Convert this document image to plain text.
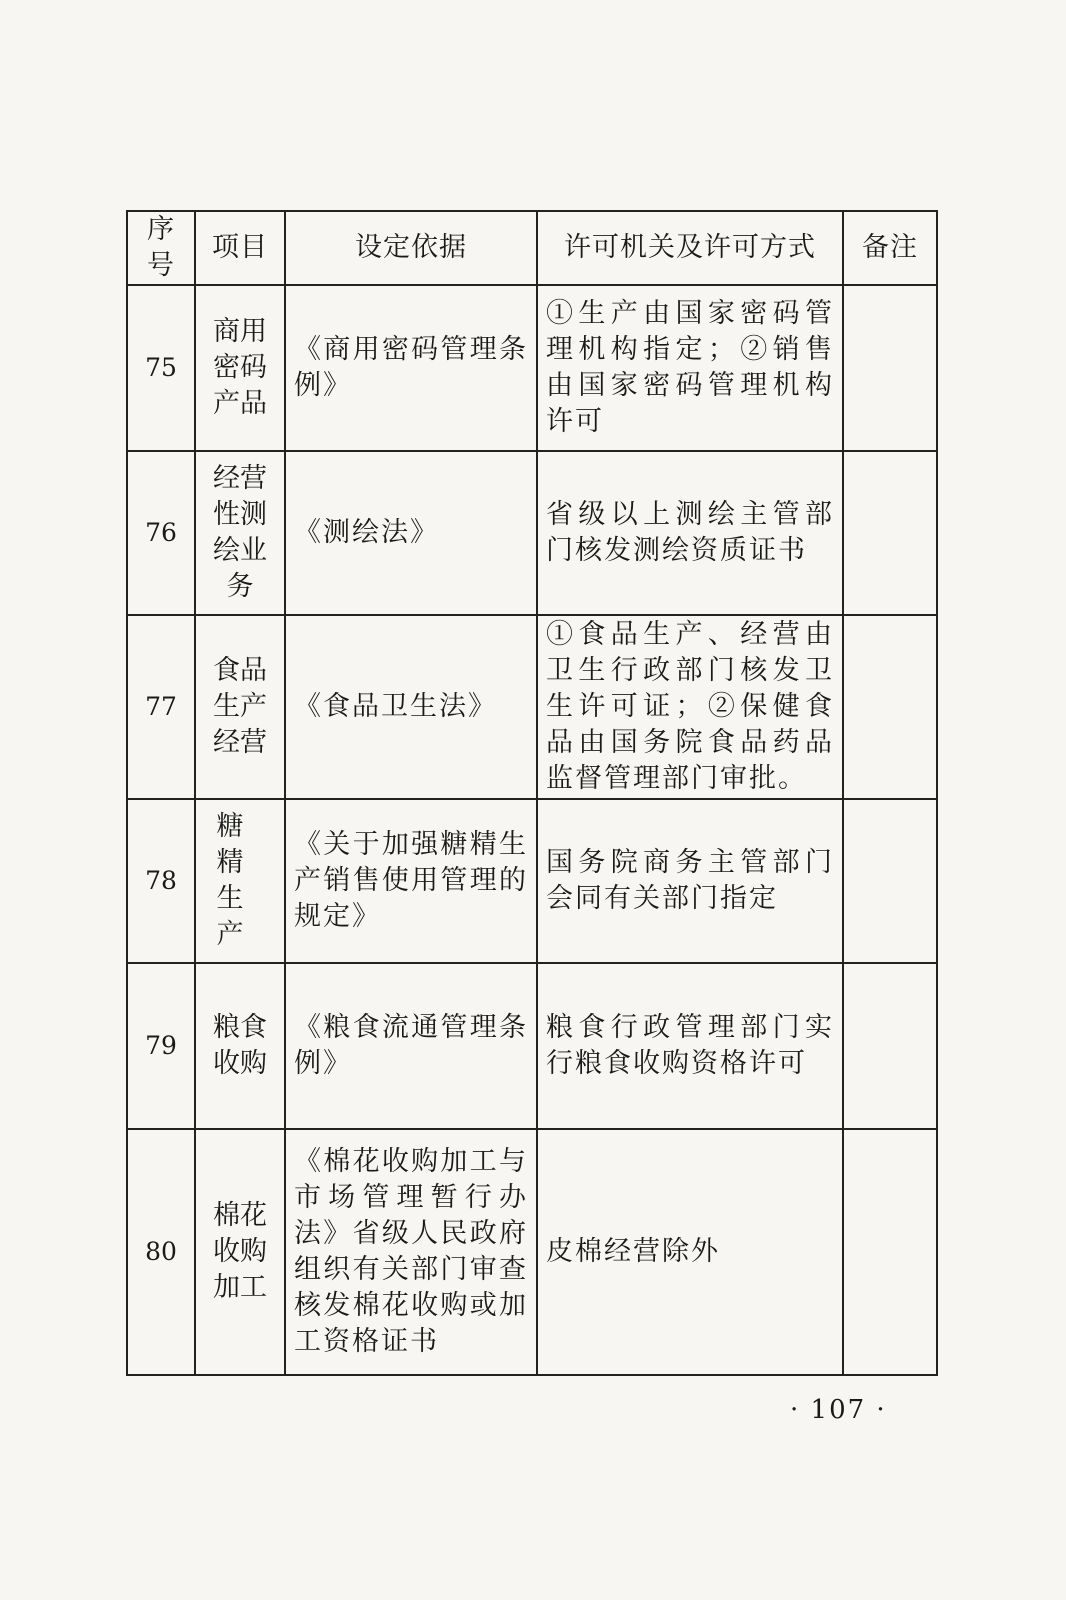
序号	项目	设定依据	许可机关及许可方式	备注
75	商用密码产品	《商用密码管理条例》	①生产由国家密码管理机构指定；②销售由国家密码管理机构许可	
76	经营性测绘业务	《测绘法》	省级以上测绘主管部门核发测绘资质证书	
77	食品生产经营	《食品卫生法》	①食品生产、经营由卫生行政部门核发卫生许可证；②保健食品由国务院食品药品监督管理部门审批。	
78	糖精生产	《关于加强糖精生产销售使用管理的规定》	国务院商务主管部门会同有关部门指定	
79	粮食收购	《粮食流通管理条例》	粮食行政管理部门实行粮食收购资格许可	
80	棉花收购加工	《棉花收购加工与市场管理暂行办法》省级人民政府组织有关部门审查核发棉花收购或加工资格证书	皮棉经营除外	
· 107 ·
